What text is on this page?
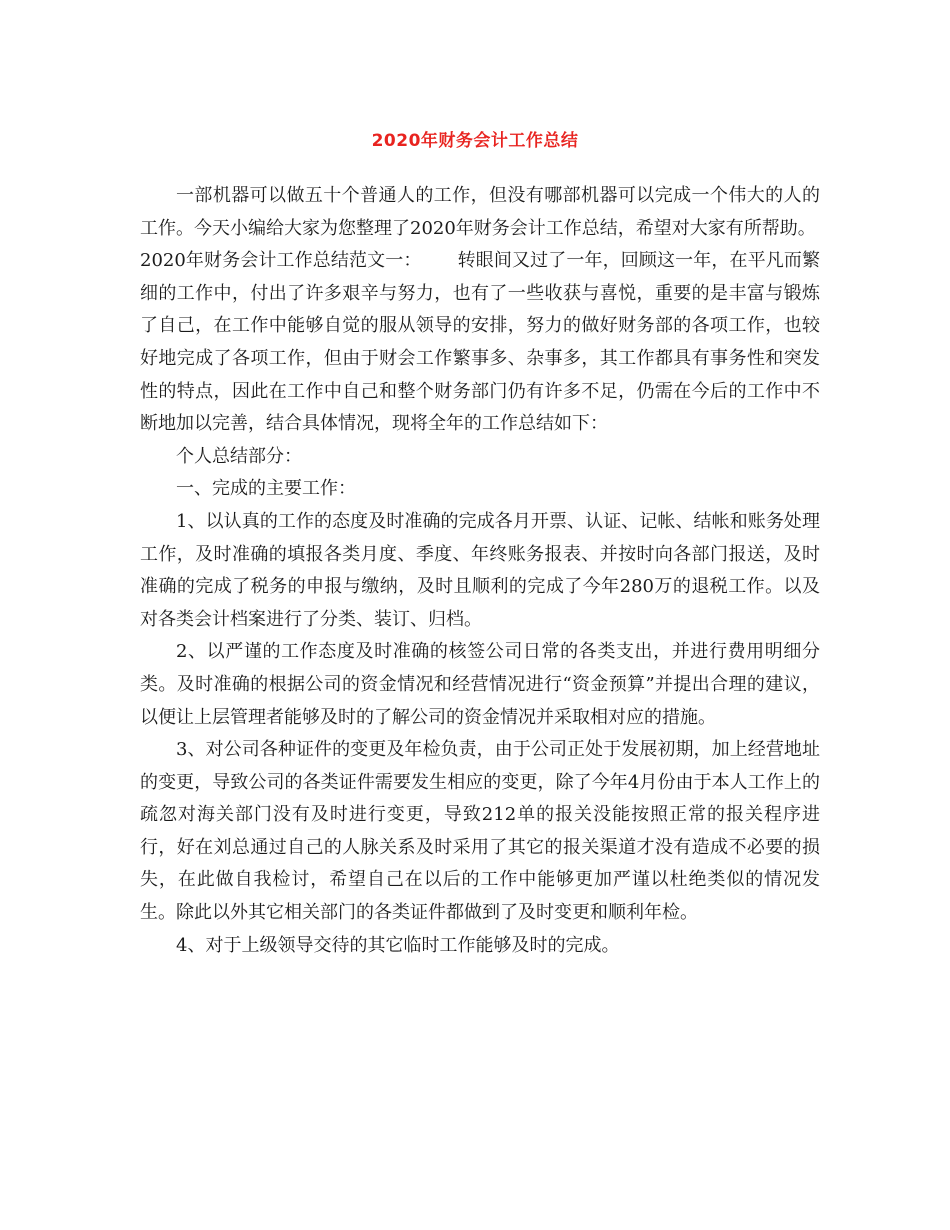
2020年财务会计工作总结

一部机器可以做五十个普通人的工作，但没有哪部机器可以完成一个伟大的人的工作。今天小编给大家为您整理了2020年财务会计工作总结，希望对大家有所帮助。

2020年财务会计工作总结范文一： 转眼间又过了一年，回顾这一年，在平凡而繁细的工作中，付出了许多艰辛与努力，也有了一些收获与喜悦，重要的是丰富与锻炼了自己，在工作中能够自觉的服从领导的安排，努力的做好财务部的各项工作，也较好地完成了各项工作，但由于财会工作繁事多、杂事多，其工作都具有事务性和突发性的特点，因此在工作中自己和整个财务部门仍有许多不足，仍需在今后的工作中不断地加以完善，结合具体情况，现将全年的工作总结如下：

个人总结部分：

一、完成的主要工作：

1、以认真的工作的态度及时准确的完成各月开票、认证、记帐、结帐和账务处理工作，及时准确的填报各类月度、季度、年终账务报表、并按时向各部门报送，及时准确的完成了税务的申报与缴纳，及时且顺利的完成了今年280万的退税工作。以及对各类会计档案进行了分类、装订、归档。

2、以严谨的工作态度及时准确的核签公司日常的各类支出，并进行费用明细分类。及时准确的根据公司的资金情况和经营情况进行“资金预算”并提出合理的建议，以便让上层管理者能够及时的了解公司的资金情况并采取相对应的措施。

3、对公司各种证件的变更及年检负责，由于公司正处于发展初期，加上经营地址的变更，导致公司的各类证件需要发生相应的变更，除了今年4月份由于本人工作上的疏忽对海关部门没有及时进行变更，导致212单的报关没能按照正常的报关程序进行，好在刘总通过自己的人脉关系及时采用了其它的报关渠道才没有造成不必要的损失，在此做自我检讨，希望自己在以后的工作中能够更加严谨以杜绝类似的情况发生。除此以外其它相关部门的各类证件都做到了及时变更和顺利年检。

4、对于上级领导交待的其它临时工作能够及时的完成。
